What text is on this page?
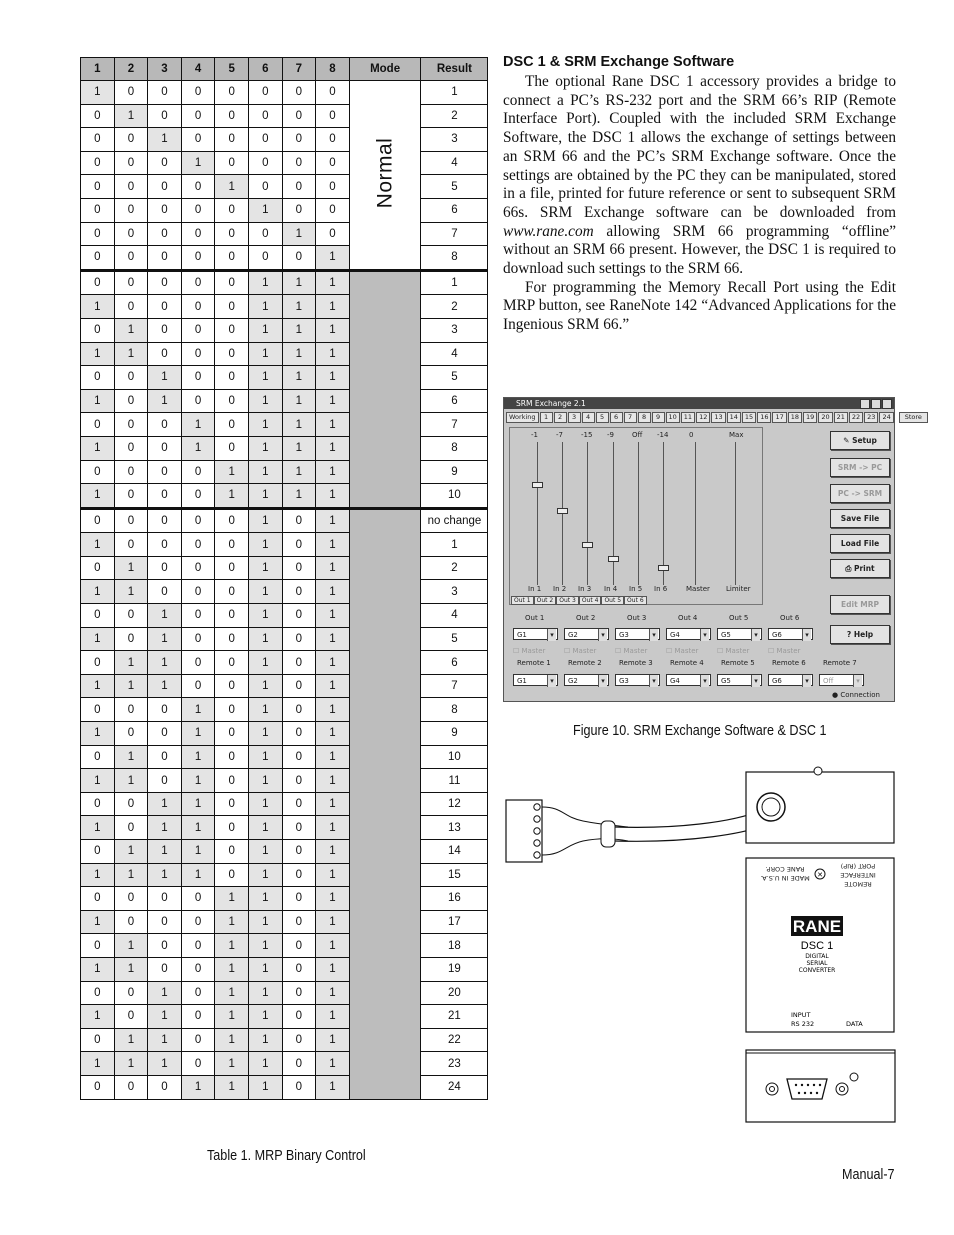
1	2	3	4	5	6	7	8	Mode	Result
1	0	0	0	0	0	0	0	Normal	1
0	1	0	0	0	0	0	0		2
0	0	1	0	0	0	0	0		3
0	0	0	1	0	0	0	0		4
0	0	0	0	1	0	0	0		5
0	0	0	0	0	1	0	0		6
0	0	0	0	0	0	1	0		7
0	0	0	0	0	0	0	1		8
0	0	0	0	0	1	1	1		1
1	0	0	0	0	1	1	1		2
0	1	0	0	0	1	1	1		3
1	1	0	0	0	1	1	1		4
0	0	1	0	0	1	1	1		5
1	0	1	0	0	1	1	1		6
0	0	0	1	0	1	1	1		7
1	0	0	1	0	1	1	1		8
0	0	0	0	1	1	1	1		9
1	0	0	0	1	1	1	1		10
0	0	0	0	0	1	0	1		no change
1	0	0	0	0	1	0	1		1
0	1	0	0	0	1	0	1		2
1	1	0	0	0	1	0	1		3
0	0	1	0	0	1	0	1		4
1	0	1	0	0	1	0	1		5
0	1	1	0	0	1	0	1		6
1	1	1	0	0	1	0	1		7
0	0	0	1	0	1	0	1		8
1	0	0	1	0	1	0	1		9
0	1	0	1	0	1	0	1		10
1	1	0	1	0	1	0	1		11
0	0	1	1	0	1	0	1		12
1	0	1	1	0	1	0	1		13
0	1	1	1	0	1	0	1		14
1	1	1	1	0	1	0	1		15
0	0	0	0	1	1	0	1		16
1	0	0	0	1	1	0	1		17
0	1	0	0	1	1	0	1		18
1	1	0	0	1	1	0	1		19
0	0	1	0	1	1	0	1		20
1	0	1	0	1	1	0	1		21
0	1	1	0	1	1	0	1		22
1	1	1	0	1	1	0	1		23
0	0	0	1	1	1	0	1		24
Table 1. MRP Binary Control
DSC 1 & SRM Exchange Software

The optional Rane DSC 1 accessory provides a bridge to connect a PC’s RS-232 port and the SRM 66’s RIP (Remote Interface Port). Coupled with the included SRM Exchange Software, the DSC 1 allows the exchange of settings between an SRM 66 and the PC’s SRM Exchange software. Once the settings are obtained by the PC they can be manipulated, stored in a file, printed for future reference or sent to subsequent SRM 66s. SRM Exchange software can be downloaded from www.rane.com allowing SRM 66 programming “offline” without an SRM 66 present. However, the DSC 1 is required to download such settings to the SRM 66.

For programming the Memory Recall Port using the Edit MRP button, see RaneNote 142 “Advanced Applications for the Ingenious SRM 66.”

SRM Exchange 2.1
Working	1	2	3	4	5	6	7	8	9	10	11	12	13	14	15	16	17	18	19	20	21	22	23	24	Store
-1	-7	-15 -9	Off -14	0	Max
In 1 In 2 In 3 In 4 In 5 In 6	Master Limiter
Out 1	Out 2	Out 3	Out 4	Out 5	Out 6
✎ Setup
SRM -> PC
PC -> SRM
Save File
Load File
⎙ Print
Edit MRP
? Help
Out 1
G1 ▾
☐ Master
Out 2
G2 ▾
☐ Master
Out 3
G3 ▾
☐ Master
Out 4
G4 ▾
☐ Master
Out 5
G5 ▾
☐ Master
Out 6
G6 ▾
☐ Master
Remote 1
G1 ▾
Remote 2
G2 ▾
Remote 3
G3 ▾
Remote 4
G4 ▾
Remote 5
G5 ▾
Remote 6
G6 ▾
Remote 7
Off ▾
● Connection
Figure 10. SRM Exchange Software & DSC 1
✕
MADE IN U.S.A.
RANE CORP.
REMOTE
INTERFACE
PORT (RIP)
RANE
DSC 1
DIGITAL
SERIAL
CONVERTER
INPUT
RS 232	DATA
Manual-7
